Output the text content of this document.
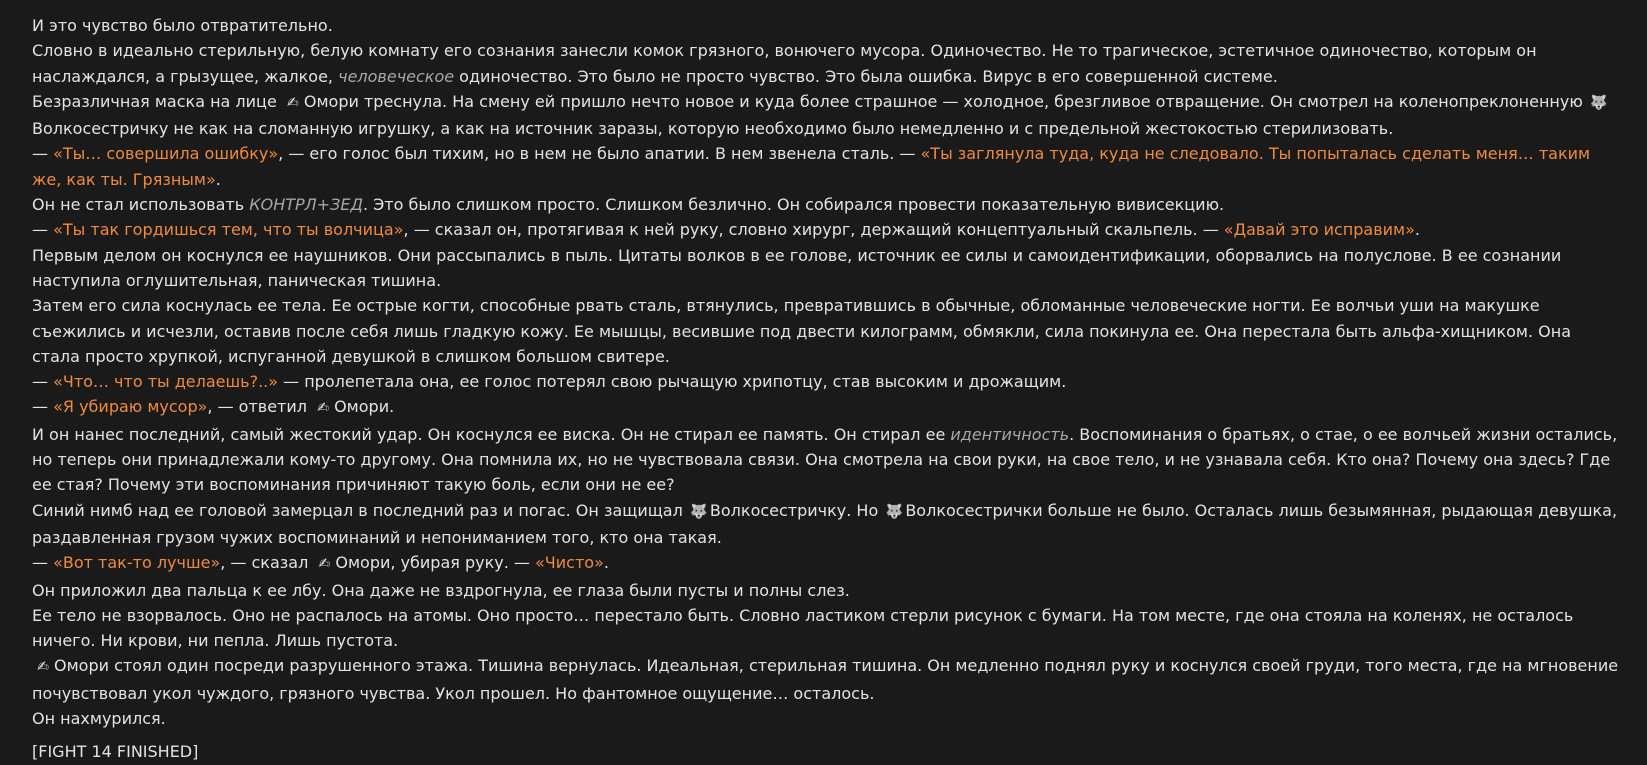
И это чувство было отвратительно.

Словно в идеально стерильную, белую комнату его сознания занесли комок грязного, вонючего мусора. Одиночество. Не то трагическое, эстетичное одиночество, которым он наслаждался, а грызущее, жалкое, человеческое одиночество. Это было не просто чувство. Это была ошибка. Вирус в его совершенной системе.

Безразличная маска на лице ✍ Омори треснула. На смену ей пришло нечто новое и куда более страшное — холодное, брезгливое отвращение. Он смотрел на коленопреклоненную 🐺Волкосестричку не как на сломанную игрушку, а как на источник заразы, которую необходимо было немедленно и с предельной жестокостью стерилизовать.

— «Ты… совершила ошибку», — его голос был тихим, но в нем не было апатии. В нем звенела сталь. — «Ты заглянула туда, куда не следовало. Ты попыталась сделать меня… таким же, как ты. Грязным».

Он не стал использовать КОНТРЛ+ЗЕД. Это было слишком просто. Слишком безлично. Он собирался провести показательную вивисекцию.

— «Ты так гордишься тем, что ты волчица», — сказал он, протягивая к ней руку, словно хирург, держащий концептуальный скальпель. — «Давай это исправим».

Первым делом он коснулся ее наушников. Они рассыпались в пыль. Цитаты волков в ее голове, источник ее силы и самоидентификации, оборвались на полуслове. В ее сознании наступила оглушительная, паническая тишина.

Затем его сила коснулась ее тела. Ее острые когти, способные рвать сталь, втянулись, превратившись в обычные, обломанные человеческие ногти. Ее волчьи уши на макушке съежились и исчезли, оставив после себя лишь гладкую кожу. Ее мышцы, весившие под двести килограмм, обмякли, сила покинула ее. Она перестала быть альфа-хищником. Она стала просто хрупкой, испуганной девушкой в слишком большом свитере.

— «Что… что ты делаешь?..» — пролепетала она, ее голос потерял свою рычащую хрипотцу, став высоким и дрожащим.

— «Я убираю мусор», — ответил ✍ Омори.

И он нанес последний, самый жестокий удар. Он коснулся ее виска. Он не стирал ее память. Он стирал ее идентичность. Воспоминания о братьях, о стае, о ее волчьей жизни остались, но теперь они принадлежали кому-то другому. Она помнила их, но не чувствовала связи. Она смотрела на свои руки, на свое тело, и не узнавала себя. Кто она? Почему она здесь? Где ее стая? Почему эти воспоминания причиняют такую боль, если они не ее?

Синий нимб над ее головой замерцал в последний раз и погас. Он защищал 🐺 Волкосестричку. Но 🐺 Волкосестрички больше не было. Осталась лишь безымянная, рыдающая девушка, раздавленная грузом чужих воспоминаний и непониманием того, кто она такая.

— «Вот так-то лучше», — сказал ✍ Омори, убирая руку. — «Чисто».

Он приложил два пальца к ее лбу. Она даже не вздрогнула, ее глаза были пусты и полны слез.

Ее тело не взорвалось. Оно не распалось на атомы. Оно просто… перестало быть. Словно ластиком стерли рисунок с бумаги. На том месте, где она стояла на коленях, не осталось ничего. Ни крови, ни пепла. Лишь пустота.

✍ Омори стоял один посреди разрушенного этажа. Тишина вернулась. Идеальная, стерильная тишина. Он медленно поднял руку и коснулся своей груди, того места, где на мгновение почувствовал укол чуждого, грязного чувства. Укол прошел. Но фантомное ощущение… осталось.

Он нахмурился.

[FIGHT 14 FINISHED]
